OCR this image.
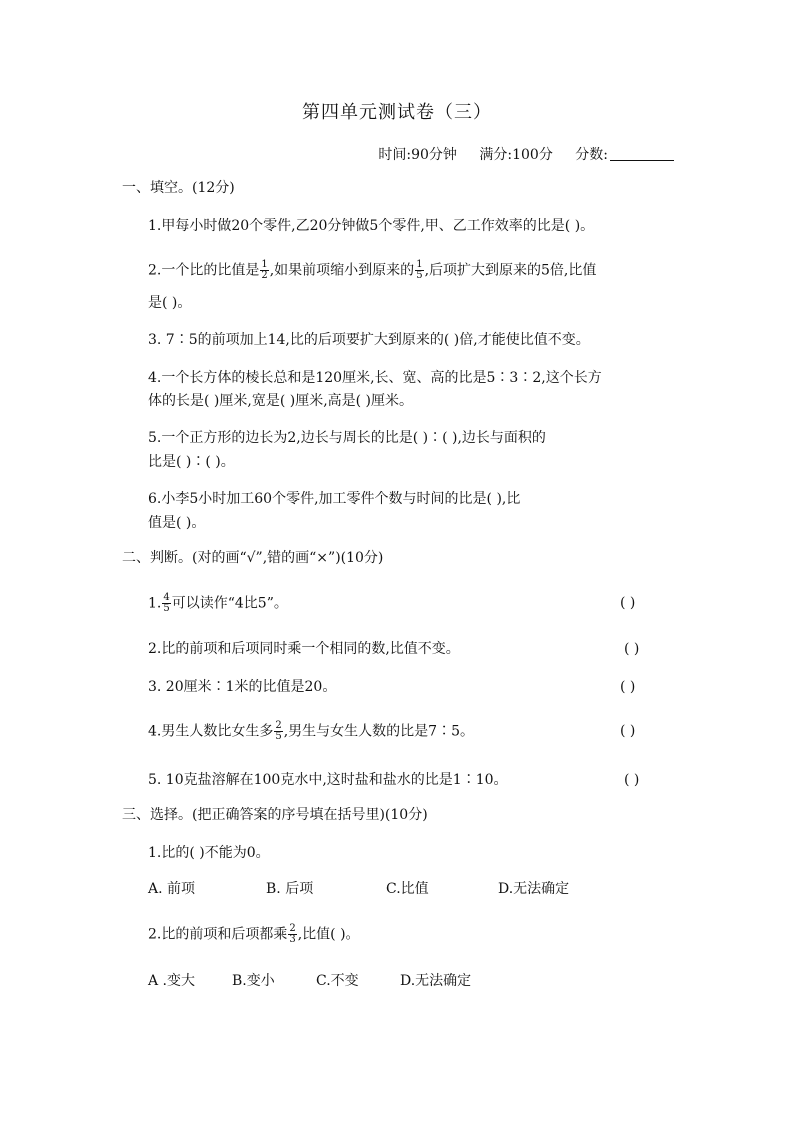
第四单元测试卷（三）
时间:90分钟 满分:100分 分数:
一、填空。(12分)
1.甲每小时做20个零件,乙20分钟做5个零件,甲、乙工作效率的比是( )。
2.一个比的比值是 $\frac{1}{2}$ ,如果前项缩小到原来的 $\frac{1}{5}$ ,后项扩大到原来的5倍,比值
是( )。
3. 7∶5的前项加上14,比的后项要扩大到原来的( )倍,才能使比值不变。
4.一个长方体的棱长总和是120厘米,长、宽、高的比是5∶3∶2,这个长方
体的长是( )厘米,宽是( )厘米,高是( )厘米。
5.一个正方形的边长为2,边长与周长的比是( )∶( ),边长与面积的
比是( )∶( )。
6.小李5小时加工60个零件,加工零件个数与时间的比是( ),比
值是( )。
二、判断。(对的画“√”,错的画“×”)(10分)
1. $\frac{4}{5}$ 可以读作“4比5”。	( )
2.比的前项和后项同时乘一个相同的数,比值不变。	( )
3. 20厘米∶1米的比值是20。	( )
4.男生人数比女生多 $\frac{2}{5}$ ,男生与女生人数的比是7∶5。	( )
5. 10克盐溶解在100克水中,这时盐和盐水的比是1∶10。	( )
三、选择。(把正确答案的序号填在括号里)(10分)
1.比的( )不能为0。
A. 前项	B. 后项	C.比值	D.无法确定
2.比的前项和后项都乘 $\frac{2}{3}$ ,比值( )。
A .变大	B.变小	C.不变	D.无法确定
